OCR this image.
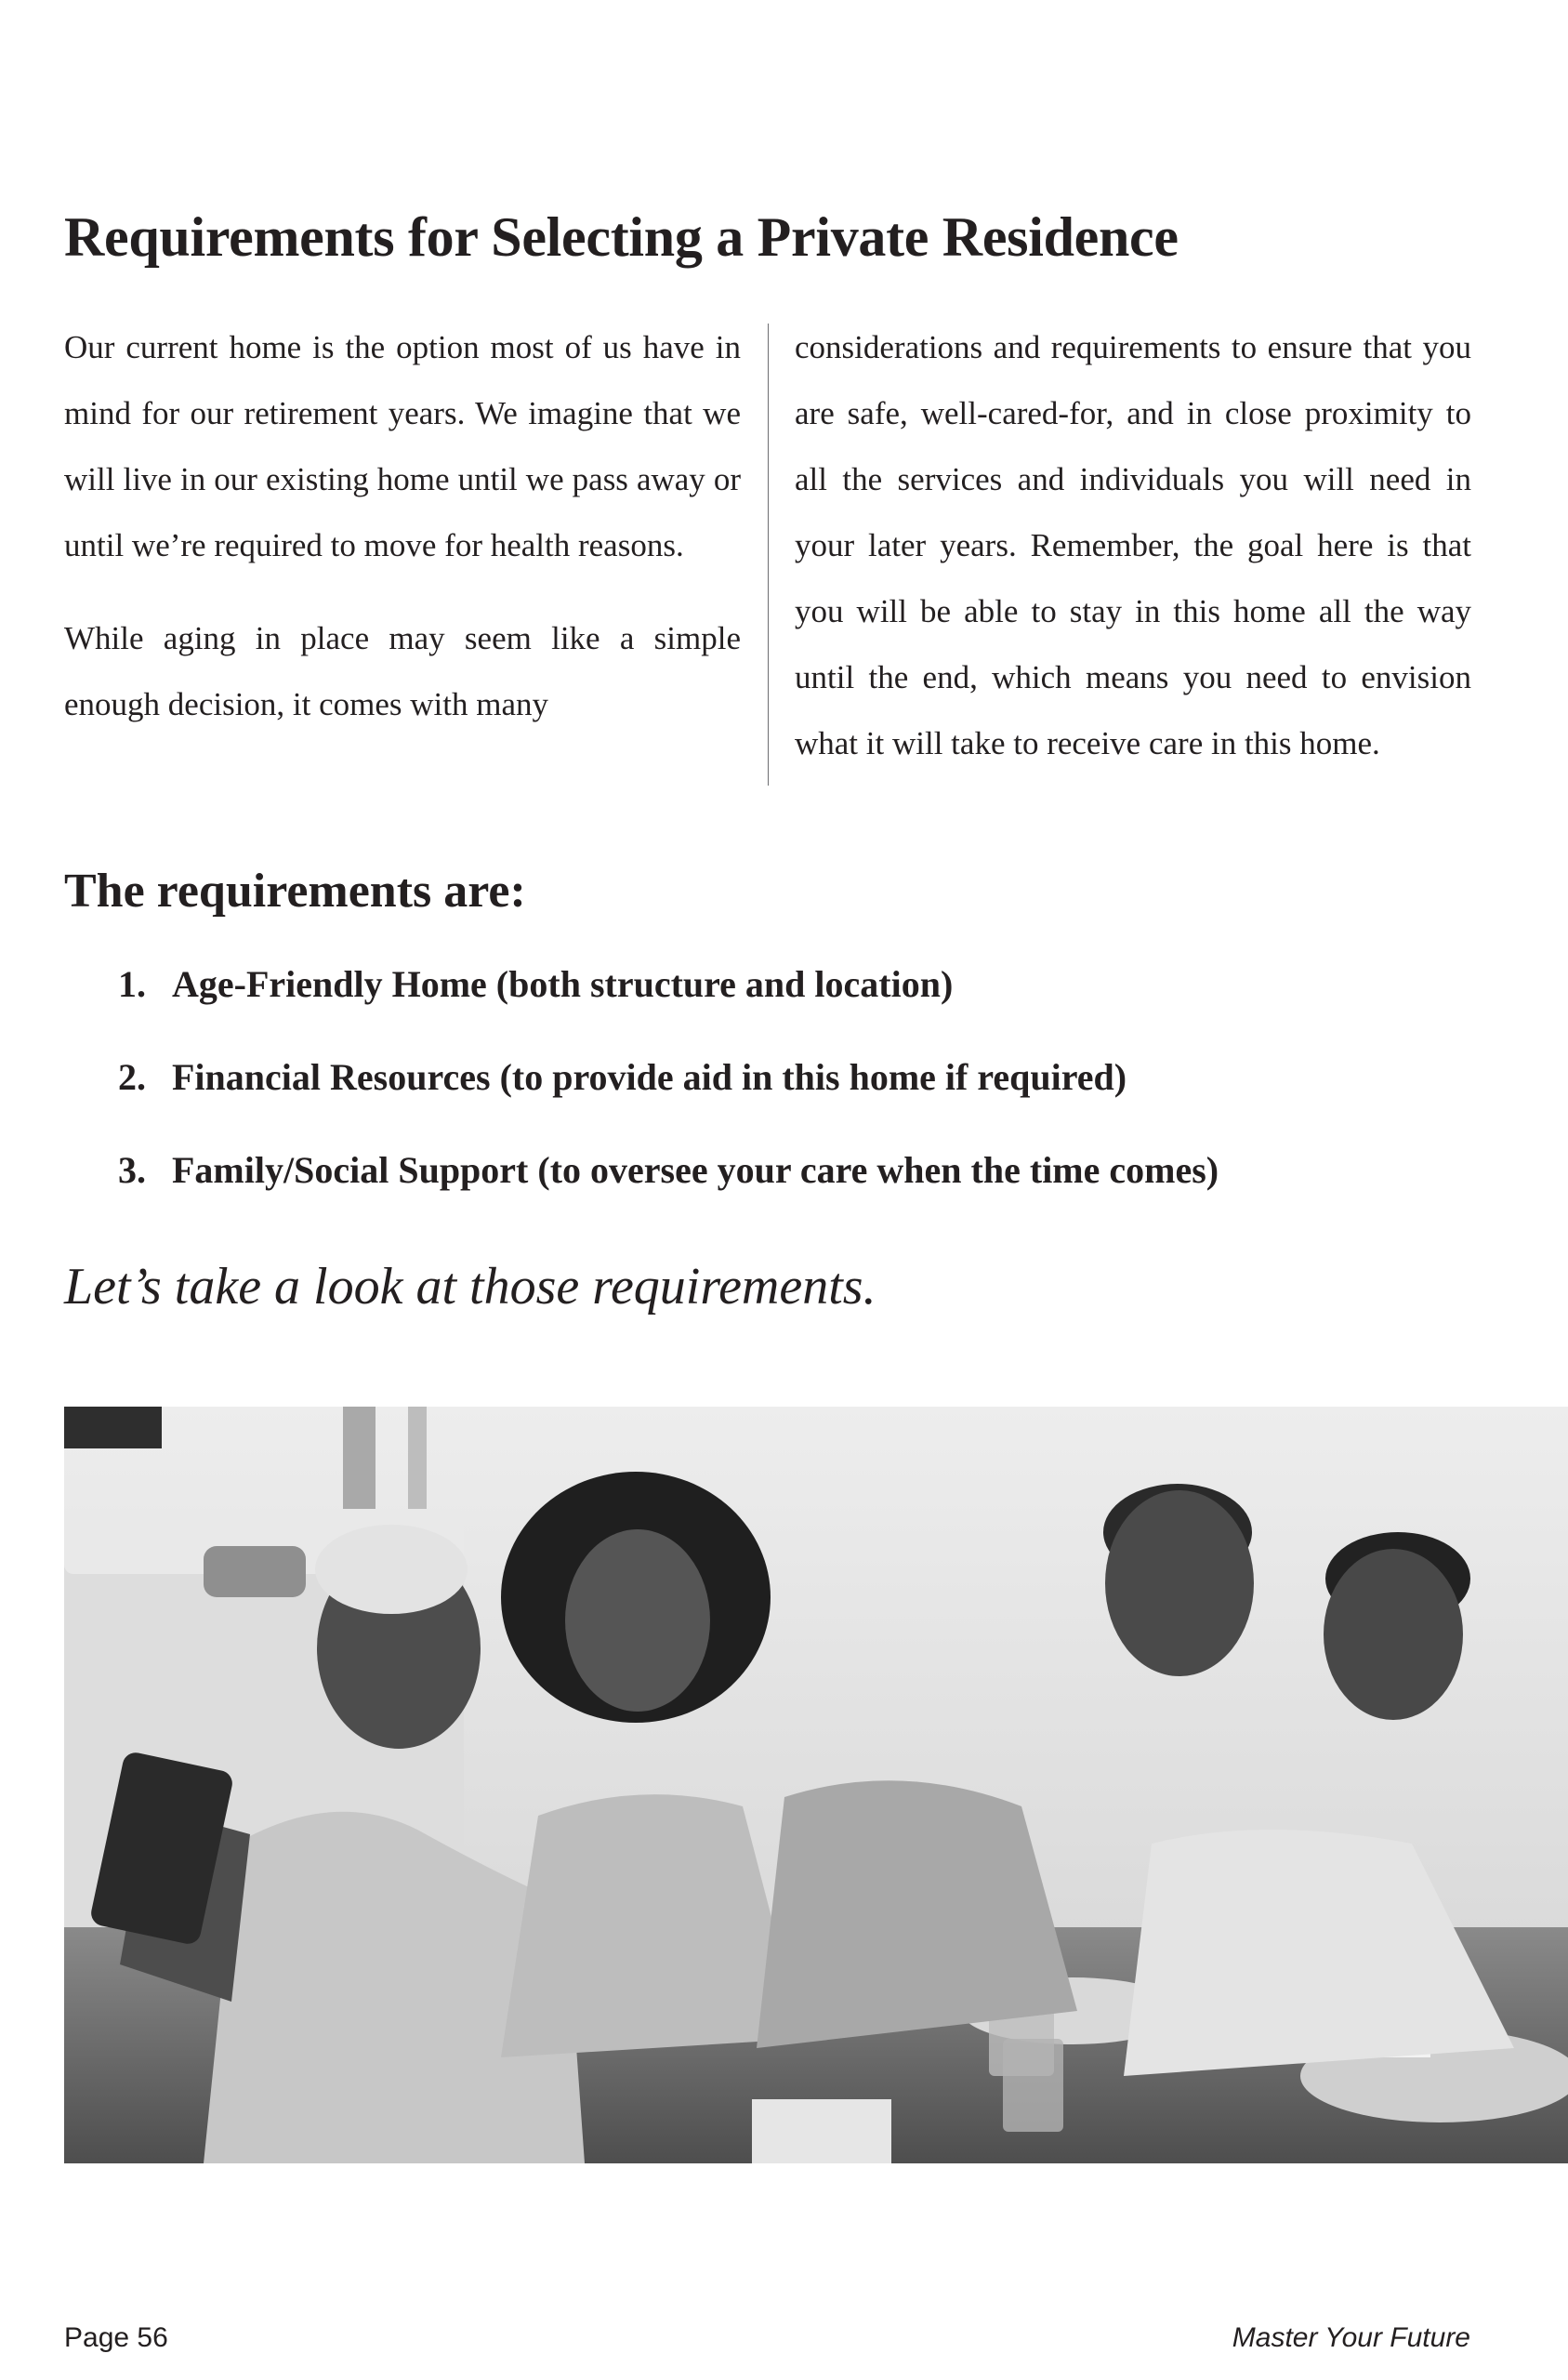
Requirements for Selecting a Private Residence

Our current home is the option most of us have in mind for our retirement years. We imagine that we will live in our existing home until we pass away or until we’re required to move for health reasons.

While aging in place may seem like a simple enough decision, it comes with many

considerations and requirements to ensure that you are safe, well-cared-for, and in close proximity to all the services and individuals you will need in your later years. Remember, the goal here is that you will be able to stay in this home all the way until the end, which means you need to envision what it will take to receive care in this home.

The requirements are:
1. Age-Friendly Home (both structure and location)
2. Financial Resources (to provide aid in this home if required)
3. Family/Social Support (to oversee your care when the time comes)

Let’s take a look at those requirements.

Page 56	Master Your Future
